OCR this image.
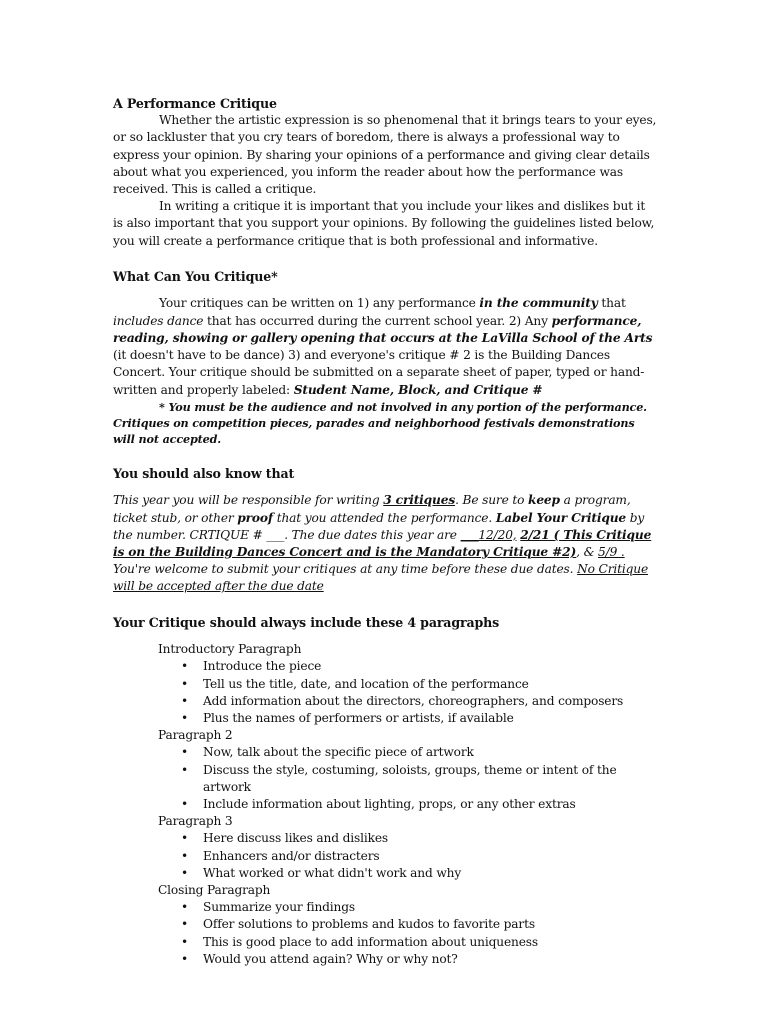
A Performance Critique

Whether the artistic expression is so phenomenal that it brings tears to your eyes, or so lackluster that you cry tears of boredom, there is always a professional way to express your opinion. By sharing your opinions of a performance and giving clear details about what you experienced, you inform the reader about how the performance was received. This is called a critique.

In writing a critique it is important that you include your likes and dislikes but it is also important that you support your opinions. By following the guidelines listed below, you will create a performance critique that is both professional and informative.

What Can You Critique*

Your critiques can be written on 1) any performance in the community that includes dance that has occurred during the current school year. 2) Any performance, reading, showing or gallery opening that occurs at the LaVilla School of the Arts (it doesn't have to be dance) 3) and everyone's critique # 2 is the Building Dances Concert. Your critique should be submitted on a separate sheet of paper, typed or hand-written and properly labeled: Student Name, Block, and Critique #

* You must be the audience and not involved in any portion of the performance. Critiques on competition pieces, parades and neighborhood festivals demonstrations will not accepted.

You should also know that

This year you will be responsible for writing 3 critiques. Be sure to keep a program, ticket stub, or other proof that you attended the performance. Label Your Critique by the number. CRTIQUE # ___. The due dates this year are ___12/20, 2/21 ( This Critique is on the Building Dances Concert and is the Mandatory Critique #2), & 5/9 . You're welcome to submit your critiques at any time before these due dates. No Critique will be accepted after the due date

Your Critique should always include these 4 paragraphs

Introductory Paragraph

• Introduce the piece
• Tell us the title, date, and location of the performance
• Add information about the directors, choreographers, and composers
• Plus the names of performers or artists, if available

Paragraph 2

• Now, talk about the specific piece of artwork
• Discuss the style, costuming, soloists, groups, theme or intent of the artwork
• Include information about lighting, props, or any other extras

Paragraph 3

• Here discuss likes and dislikes
• Enhancers and/or distracters
• What worked or what didn't work and why

Closing Paragraph

• Summarize your findings
• Offer solutions to problems and kudos to favorite parts
• This is good place to add information about uniqueness
• Would you attend again? Why or why not?
